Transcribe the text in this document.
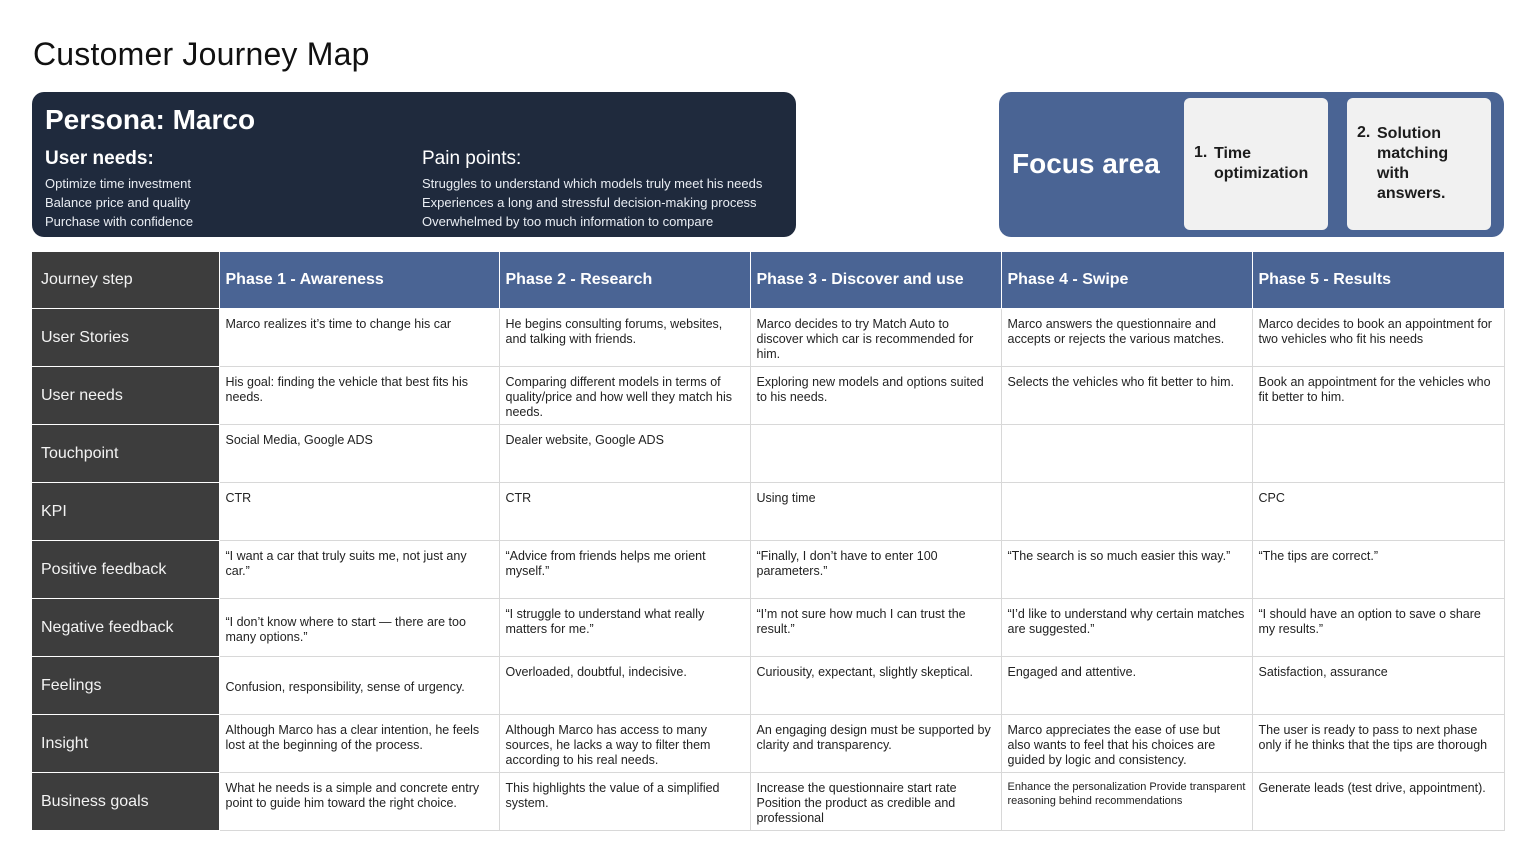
Customer Journey Map
Persona: Marco
User needs:
Optimize time investment
Balance price and quality
Purchase with confidence
Pain points:
Struggles to understand which models truly meet his needs
Experiences a long and stressful decision-making process
Overwhelmed by too much information to compare
Focus area 1. Time optimization
2. Solution matching with answers.
Journey step	Phase 1 - Awareness	Phase 2 - Research	Phase 3 - Discover and use	Phase 4 - Swipe	Phase 5 - Results
User Stories	Marco realizes it’s time to change his car	He begins consulting forums, websites, and talking with friends.	Marco decides to try Match Auto to discover which car is recommended for him.	Marco answers the questionnaire and accepts or rejects the various matches.	Marco decides to book an appointment for two vehicles who fit his needs
User needs	His goal: finding the vehicle that best fits his needs.	Comparing different models in terms of quality/price and how well they match his needs.	Exploring new models and options suited to his needs.	Selects the vehicles who fit better to him.	Book an appointment for the vehicles who fit better to him.
Touchpoint	Social Media, Google ADS	Dealer website, Google ADS			
KPI	CTR	CTR	Using time		CPC
Positive feedback	“I want a car that truly suits me, not just any car.”	“Advice from friends helps me orient myself.”	“Finally, I don’t have to enter 100 parameters.”	“The search is so much easier this way.”	“The tips are correct.”
Negative feedback	“I don’t know where to start — there are too many options.”	“I struggle to understand what really matters for me.”	“I’m not sure how much I can trust the result.”	“I’d like to understand why certain matches are suggested.”	“I should have an option to save o share my results.”
Feelings	Confusion, responsibility, sense of urgency.	Overloaded, doubtful, indecisive.	Curiousity, expectant, slightly skeptical.	Engaged and attentive.	Satisfaction, assurance
Insight	Although Marco has a clear intention, he feels lost at the beginning of the process.	Although Marco has access to many sources, he lacks a way to filter them according to his real needs.	An engaging design must be supported by clarity and transparency.	Marco appreciates the ease of use but also wants to feel that his choices are guided by logic and consistency.	The user is ready to pass to next phase only if he thinks that the tips are thorough
Business goals	What he needs is a simple and concrete entry point to guide him toward the right choice.	This highlights the value of a simplified system.	Increase the questionnaire start rate Position the product as credible and professional	Enhance the personalization Provide transparent reasoning behind recommendations	Generate leads (test drive, appointment).
